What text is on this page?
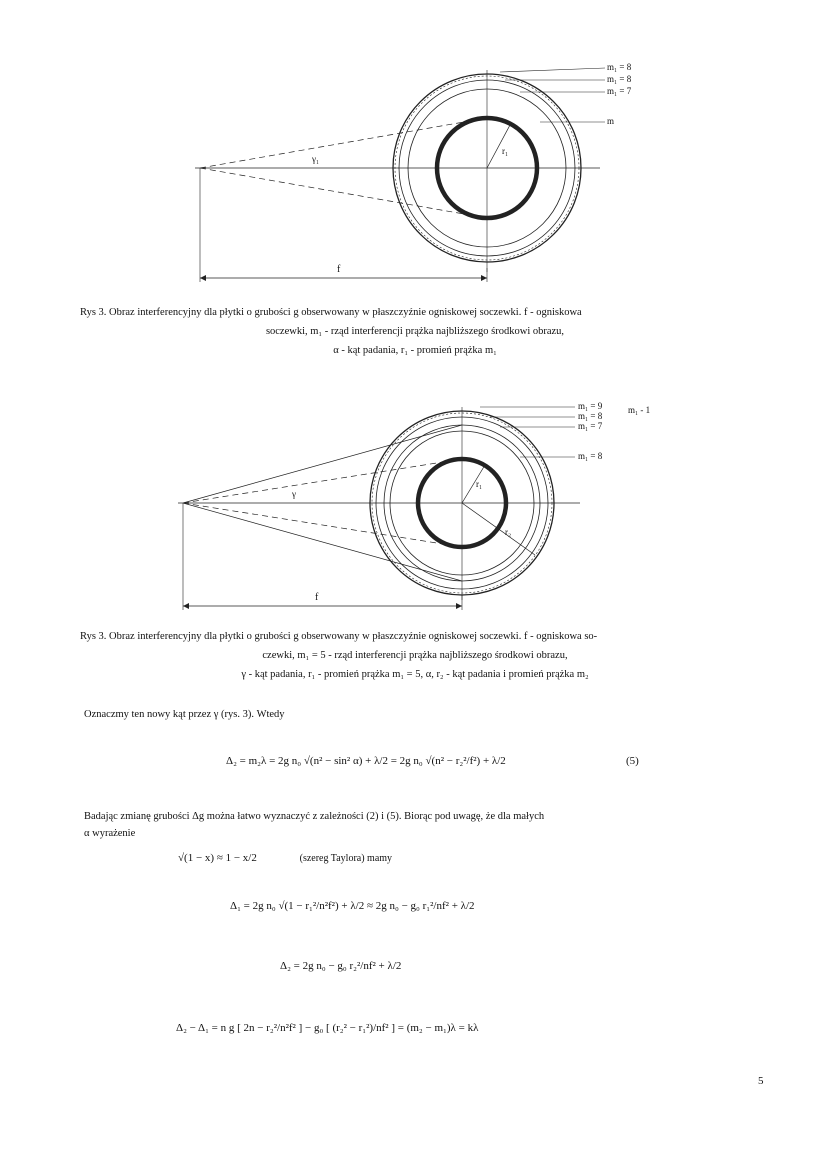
m₁ = 8
m₁ = 8
m₁ = 7
m
γ₁
r₁
f
Rys 3. Obraz interferencyjny dla płytki o grubości g obserwowany w płaszczyźnie ogniskowej soczewki. f - ogniskowa
soczewki, m₁ - rząd interferencji prążka najbliższego środkowi obrazu,
α - kąt padania, r₁ - promień prążka m₁
m₁ = 9
m₁ = 8
m₁ = 7
m₁ = 8
m₁ - 1
γ
r₁
r₂
f
Rys 3. Obraz interferencyjny dla płytki o grubości g obserwowany w płaszczyźnie ogniskowej soczewki. f - ogniskowa so-
czewki, m₁ = 5 - rząd interferencji prążka najbliższego środkowi obrazu,
γ - kąt padania, r₁ - promień prążka m₁ = 5, α, r₂ - kąt padania i promień prążka m₂
Oznaczmy ten nowy kąt przez γ (rys. 3). Wtedy
Δ₂ = m₂λ = 2g n₀ √(n² − sin² α) + λ/2 = 2g n₀ √(n² − r₂²/f²) + λ/2	(5)
Badając zmianę grubości Δg można łatwo wyznaczyć z zależności (2) i (5). Biorąc pod uwagę, że dla małych
α wyrażenie
√(1 − x) ≈ 1 − x/2	(szereg Taylora) mamy
Δ₁ = 2g n₀ √(1 − r₁²/n²f²) + λ/2 ≈ 2g n₀ − g₀ r₁²/nf² + λ/2
Δ₂ = 2g n₀ − g₀ r₂²/nf² + λ/2
Δ₂ − Δ₁ = n g [ 2n − r₂²/n²f² ] − g₀ [ (r₂² − r₁²)/nf² ] = (m₂ − m₁)λ = kλ
5
